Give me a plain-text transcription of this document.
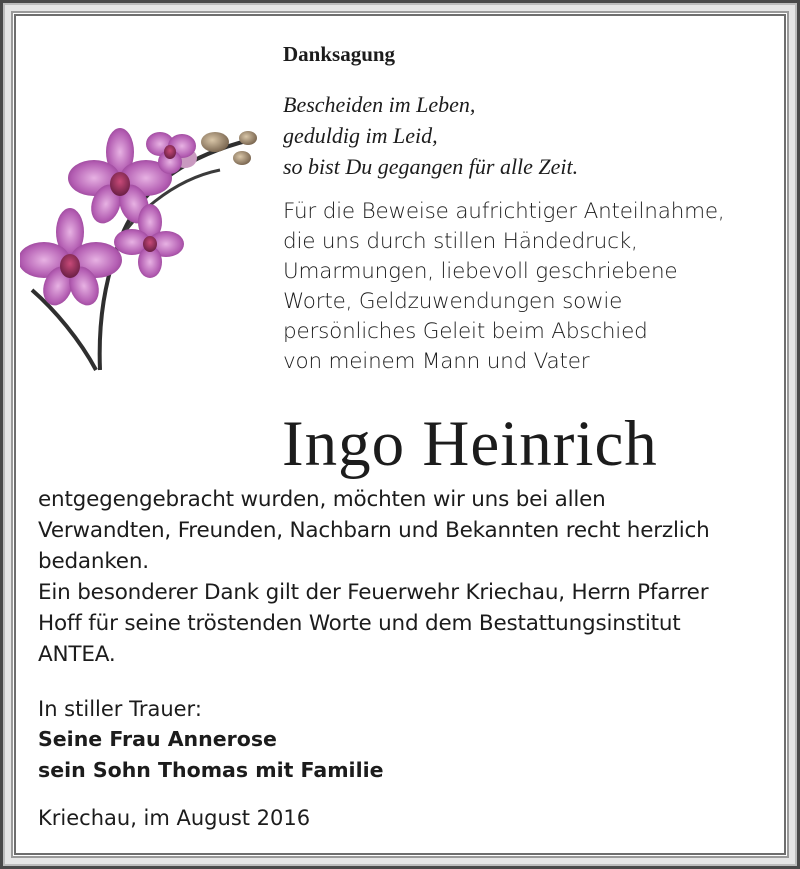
Danksagung
Bescheiden im Leben,
geduldig im Leid,
so bist Du gegangen für alle Zeit.
Für die Beweise aufrichtiger Anteilnahme,
die uns durch stillen Händedruck,
Umarmungen, liebevoll geschriebene
Worte, Geldzuwendungen sowie
persönliches Geleit beim Abschied
von meinem Mann und Vater
Ingo Heinrich
entgegengebracht wurden, möchten wir uns bei allen
Verwandten, Freunden, Nachbarn und Bekannten recht herzlich
bedanken.
Ein besonderer Dank gilt der Feuerwehr Kriechau, Herrn Pfarrer
Hoff für seine tröstenden Worte und dem Bestattungsinstitut
ANTEA.
In stiller Trauer:
Seine Frau Annerose
sein Sohn Thomas mit Familie
Kriechau, im August 2016
